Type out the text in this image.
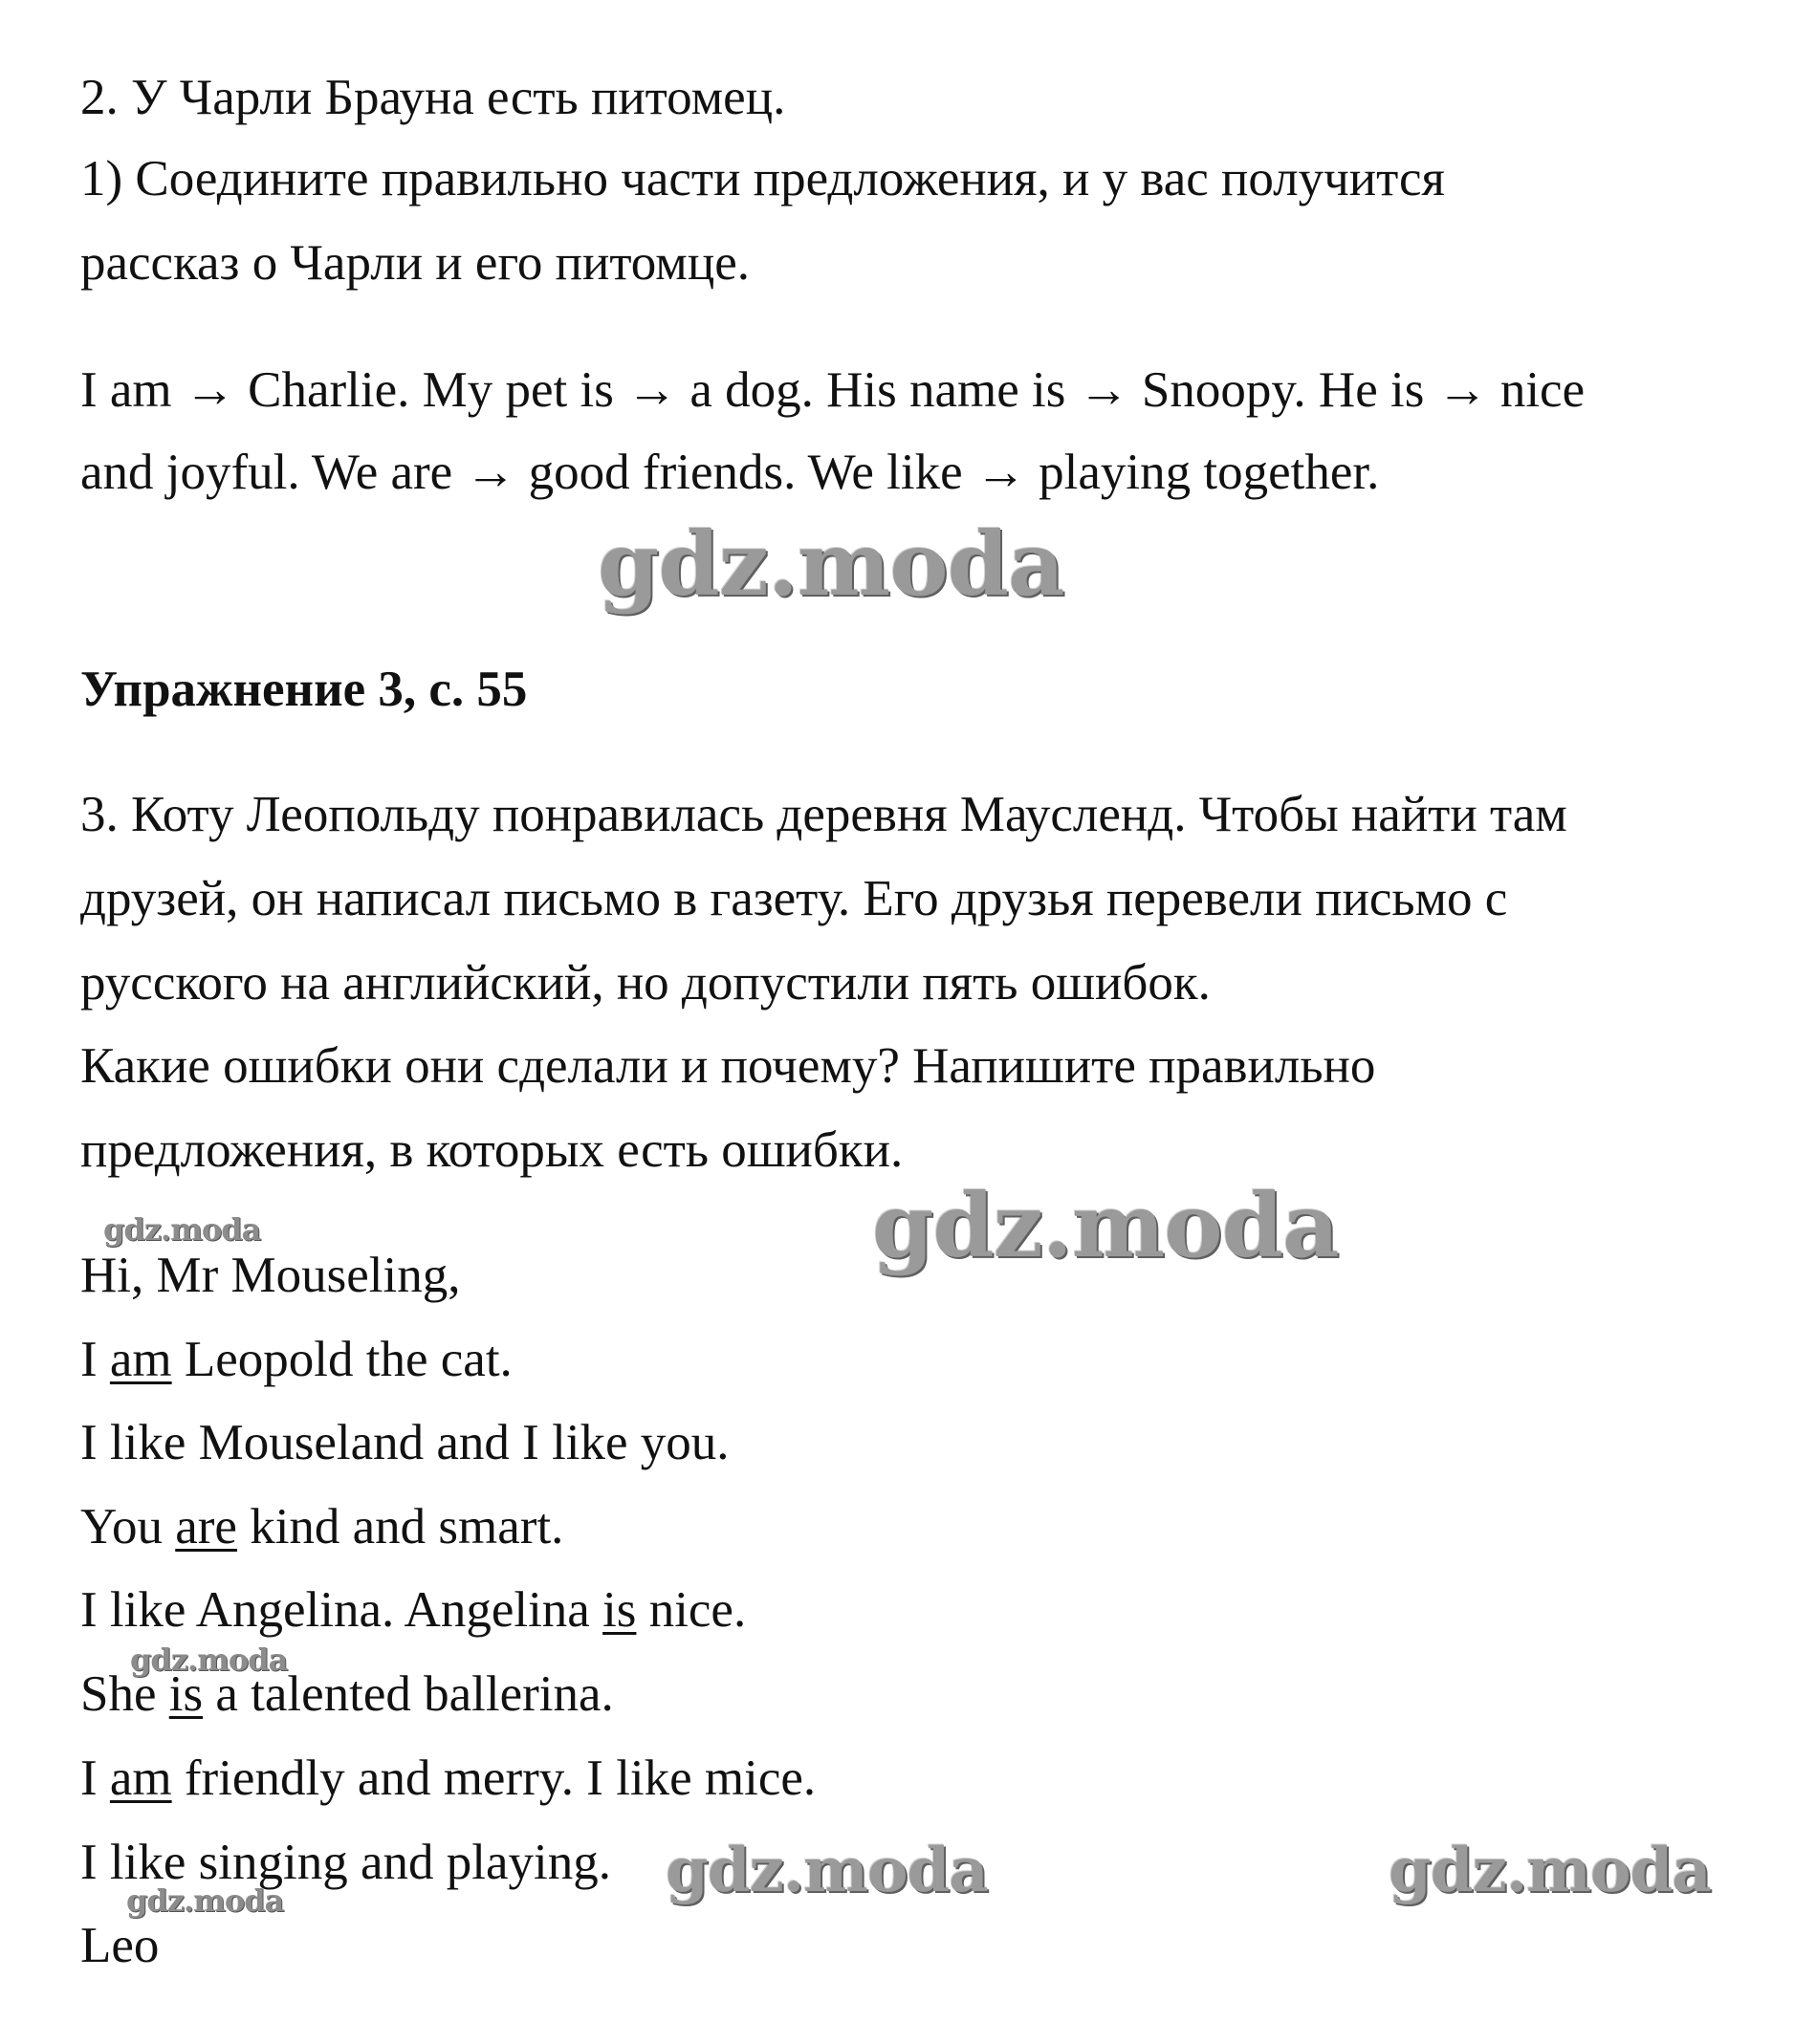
2. У Чарли Брауна есть питомец.
1) Соедините правильно части предложения, и у вас получится
рассказ о Чарли и его питомце.
I am → Charlie. My pet is → a dog. His name is → Snoopy. He is → nice
and joyful. We are → good friends. We like → playing together.
gdz.moda
Упражнение 3, с. 55
3. Коту Леопольду понравилась деревня Маусленд. Чтобы найти там
друзей, он написал письмо в газету. Его друзья перевели письмо с
русского на английский, но допустили пять ошибок.
Какие ошибки они сделали и почему? Напишите правильно
предложения, в которых есть ошибки.
gdz.moda	gdz.moda
Hi, Mr Mouseling,
I am Leopold the cat.
I like Mouseland and I like you.
You are kind and smart.
I like Angelina. Angelina is nice.
gdz.moda
She is a talented ballerina.
I am friendly and merry. I like mice.
I like singing and playing. gdz.moda	gdz.moda
gdz.moda
Leo
